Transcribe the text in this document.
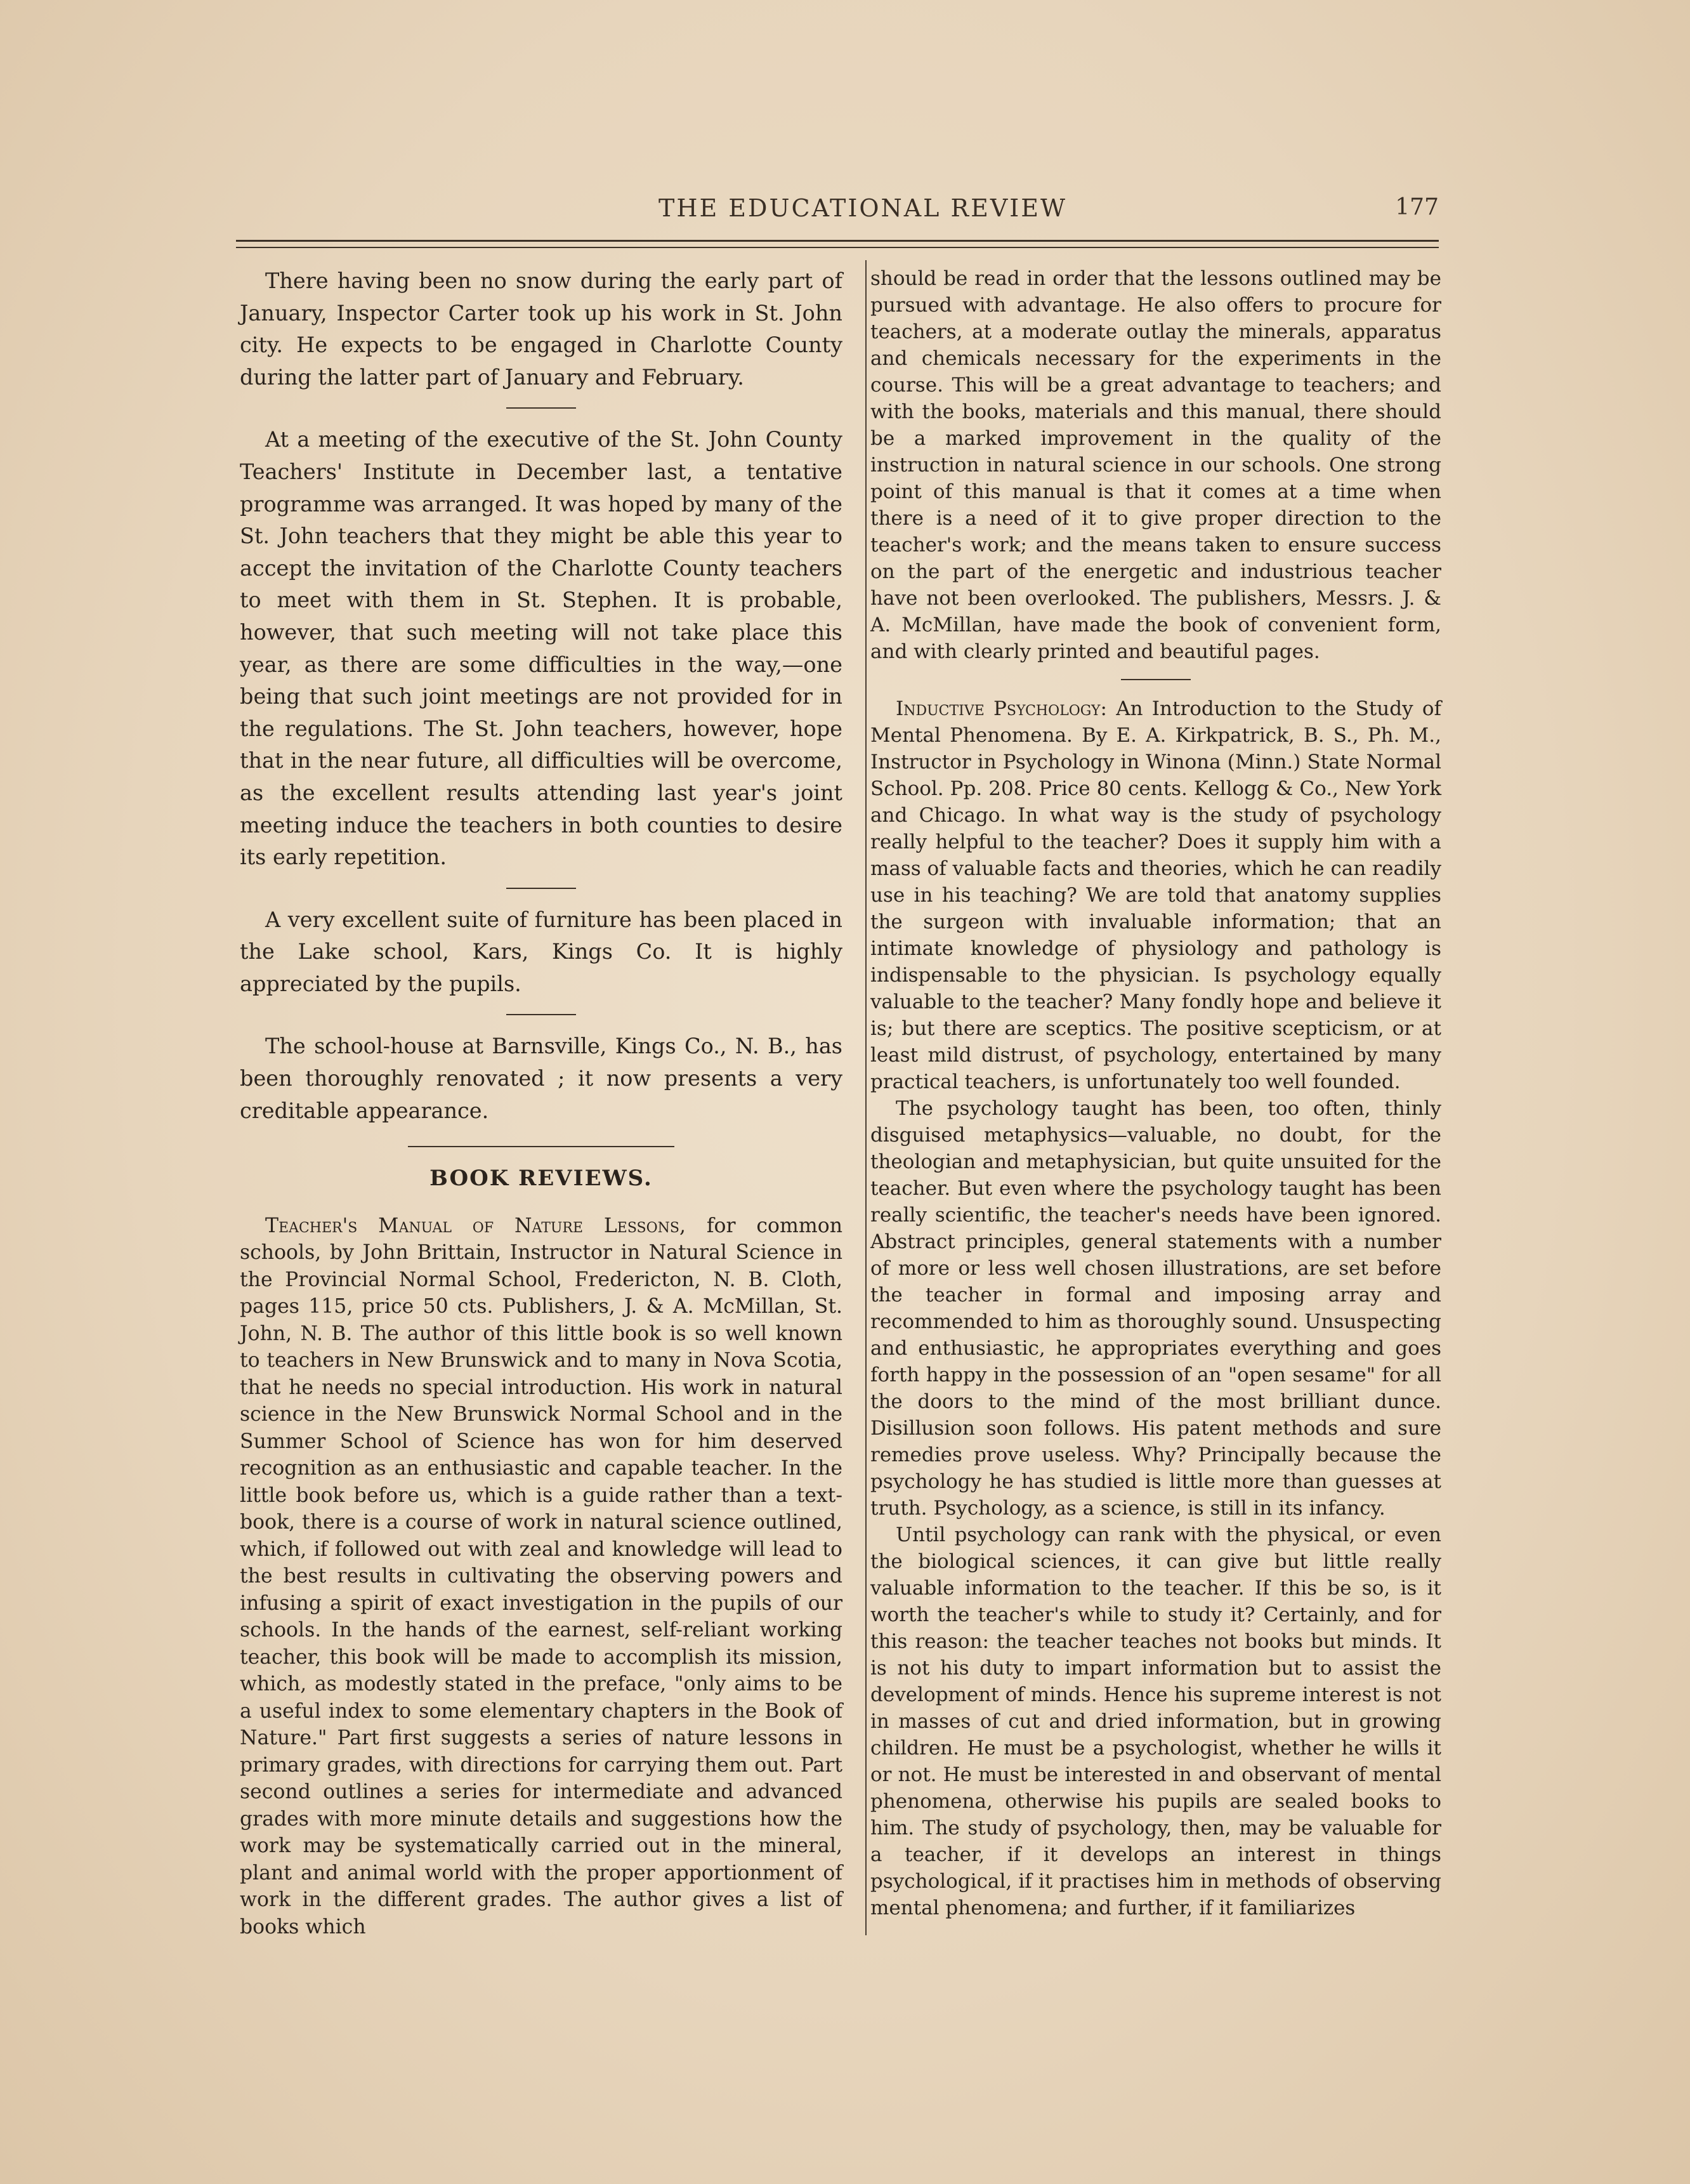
THE EDUCATIONAL REVIEW	177

There having been no snow during the early part of January, Inspector Carter took up his work in St. John city. He expects to be engaged in Charlotte County during the latter part of January and February.

At a meeting of the executive of the St. John County Teachers' Institute in December last, a tentative programme was arranged. It was hoped by many of the St. John teachers that they might be able this year to accept the invitation of the Charlotte County teachers to meet with them in St. Stephen. It is probable, however, that such meeting will not take place this year, as there are some difficulties in the way,—one being that such joint meetings are not provided for in the regulations. The St. John teachers, however, hope that in the near future, all difficulties will be overcome, as the excellent results attending last year's joint meeting induce the teachers in both counties to desire its early repetition.

A very excellent suite of furniture has been placed in the Lake school, Kars, Kings Co. It is highly appreciated by the pupils.

The school-house at Barnsville, Kings Co., N. B., has been thoroughly renovated ; it now presents a very creditable appearance.

BOOK REVIEWS.

Teacher's Manual of Nature Lessons, for common schools, by John Brittain, Instructor in Natural Science in the Provincial Normal School, Fredericton, N. B. Cloth, pages 115, price 50 cts. Publishers, J. & A. McMillan, St. John, N. B. The author of this little book is so well known to teachers in New Brunswick and to many in Nova Scotia, that he needs no special introduction. His work in natural science in the New Brunswick Normal School and in the Summer School of Science has won for him deserved recognition as an enthusiastic and capable teacher. In the little book before us, which is a guide rather than a text-book, there is a course of work in natural science outlined, which, if followed out with zeal and knowledge will lead to the best results in cultivating the observing powers and infusing a spirit of exact investigation in the pupils of our schools. In the hands of the earnest, self-reliant working teacher, this book will be made to accomplish its mission, which, as modestly stated in the preface, "only aims to be a useful index to some elementary chapters in the Book of Nature." Part first suggests a series of nature lessons in primary grades, with directions for carrying them out. Part second outlines a series for intermediate and advanced grades with more minute details and suggestions how the work may be systematically carried out in the mineral, plant and animal world with the proper apportionment of work in the different grades. The author gives a list of books which

should be read in order that the lessons outlined may be pursued with advantage. He also offers to procure for teachers, at a moderate outlay the minerals, apparatus and chemicals necessary for the experiments in the course. This will be a great advantage to teachers; and with the books, materials and this manual, there should be a marked improvement in the quality of the instruction in natural science in our schools. One strong point of this manual is that it comes at a time when there is a need of it to give proper direction to the teacher's work; and the means taken to ensure success on the part of the energetic and industrious teacher have not been overlooked. The publishers, Messrs. J. & A. McMillan, have made the book of convenient form, and with clearly printed and beautiful pages.

Inductive Psychology: An Introduction to the Study of Mental Phenomena. By E. A. Kirkpatrick, B. S., Ph. M., Instructor in Psychology in Winona (Minn.) State Normal School. Pp. 208. Price 80 cents. Kellogg & Co., New York and Chicago. In what way is the study of psychology really helpful to the teacher? Does it supply him with a mass of valuable facts and theories, which he can readily use in his teaching? We are told that anatomy supplies the surgeon with invaluable information; that an intimate knowledge of physiology and pathology is indispensable to the physician. Is psychology equally valuable to the teacher? Many fondly hope and believe it is; but there are sceptics. The positive scepticism, or at least mild distrust, of psychology, entertained by many practical teachers, is unfortunately too well founded.

The psychology taught has been, too often, thinly disguised metaphysics—valuable, no doubt, for the theologian and metaphysician, but quite unsuited for the teacher. But even where the psychology taught has been really scientific, the teacher's needs have been ignored. Abstract principles, general statements with a number of more or less well chosen illustrations, are set before the teacher in formal and imposing array and recommended to him as thoroughly sound. Unsuspecting and enthusiastic, he appropriates everything and goes forth happy in the possession of an "open sesame" for all the doors to the mind of the most brilliant dunce. Disillusion soon follows. His patent methods and sure remedies prove useless. Why? Principally because the psychology he has studied is little more than guesses at truth. Psychology, as a science, is still in its infancy.

Until psychology can rank with the physical, or even the biological sciences, it can give but little really valuable information to the teacher. If this be so, is it worth the teacher's while to study it? Certainly, and for this reason: the teacher teaches not books but minds. It is not his duty to impart information but to assist the development of minds. Hence his supreme interest is not in masses of cut and dried information, but in growing children. He must be a psychologist, whether he wills it or not. He must be interested in and observant of mental phenomena, otherwise his pupils are sealed books to him. The study of psychology, then, may be valuable for a teacher, if it develops an interest in things psychological, if it practises him in methods of observing mental phenomena; and further, if it familiarizes
